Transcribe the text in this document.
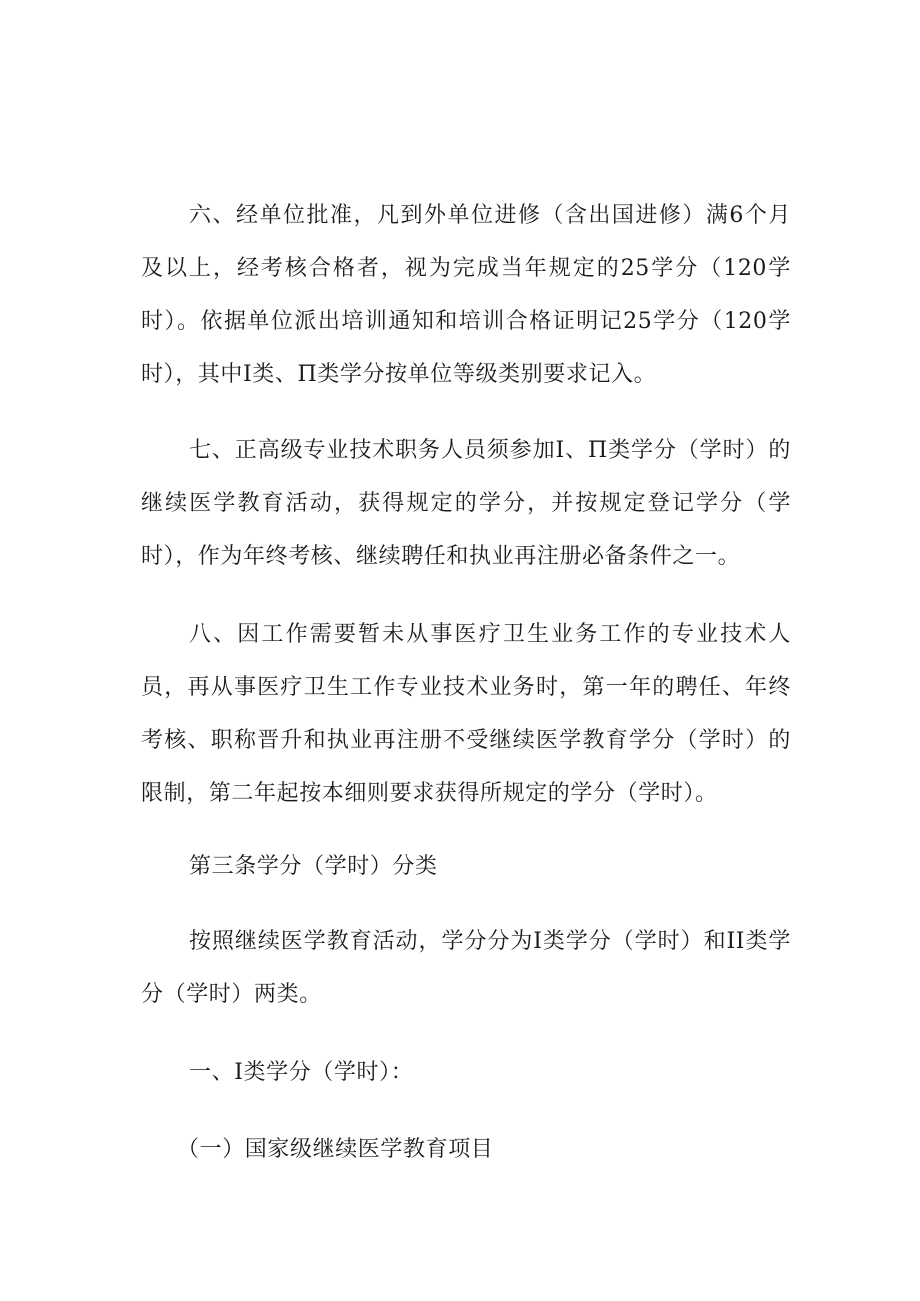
六、经单位批准，凡到外单位进修（含出国进修）满6个月及以上，经考核合格者，视为完成当年规定的25学分（120学时）。依据单位派出培训通知和培训合格证明记25学分（120学时），其中Ⅰ类、Π类学分按单位等级类别要求记入。

七、正高级专业技术职务人员须参加Ⅰ、Π类学分（学时）的继续医学教育活动，获得规定的学分，并按规定登记学分（学时），作为年终考核、继续聘任和执业再注册必备条件之一。

八、因工作需要暂未从事医疗卫生业务工作的专业技术人员，再从事医疗卫生工作专业技术业务时，第一年的聘任、年终考核、职称晋升和执业再注册不受继续医学教育学分（学时）的限制，第二年起按本细则要求获得所规定的学分（学时）。

第三条学分（学时）分类

按照继续医学教育活动，学分分为Ⅰ类学分（学时）和II类学分（学时）两类。

一、Ⅰ类学分（学时）：

（一）国家级继续医学教育项目
